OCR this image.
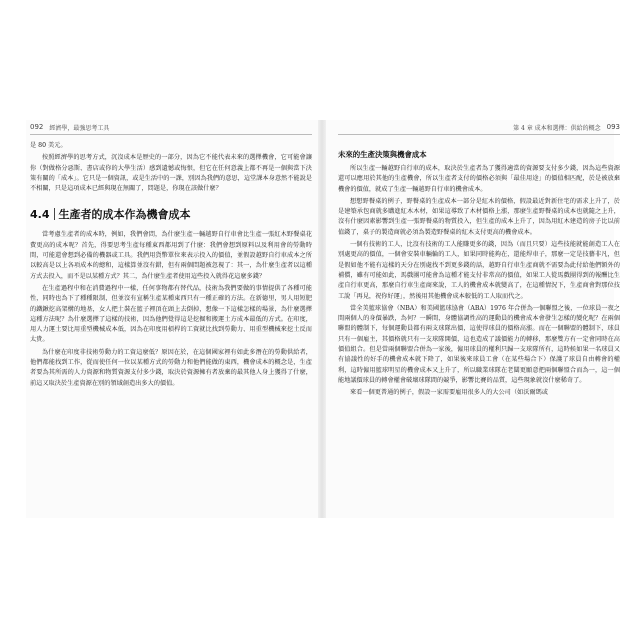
092 經濟學，最強思考工具

是 80 美元。

按照經濟學的思考方式，沉沒成本是歷史的一部分，因為它不能代表未來的選擇機會，它可能會讓你（對做格分惡斯、書店或你的大學生活）感到遺憾或悔恨，但它在任何意義上都不再是一個與當下決策有關的「成本」。它只是一個資訊，或是生活中的一課，別因為我們的意思，這堂課本身意然不能說是不相關，只是這項成本已經與現在無關了，問題是，你現在該做什麼？

4.4 生產者的成本作為機會成本

當考慮生產者的成本時，例如，我們會問，為什麼生產一輛越野自行車會比生產一張紅木野餐桌花費更高的成本呢？首先，得要思考生產每種東西都用到了什麼：我們會想到原料以及利用會的勞動時間，可能還會想到必備的機器或工具。我們用貨幣單位來表示投入的價值，並假設越野自行車成本之所以較高是以上各項成本的總和，這樣算並沒有錯，但有兩個問題被忽視了：其一，為什麼生產者以這種方式去投入，而不是以某種方式？其二，為什麼生產者使用這些投入就得花這麼多錢？

在生產過程中和在消費過程中一樣，任何事物都有替代品，技術為我們要做的事情提供了各種可能性，同時也為下了種種限制，但並沒有宣稱生產某種東西只有一種正確的方法。在新德里，男人用短肥的鐵鍬挖高架構的地基，女人把土裝在籃子裡頂在頭上去倒掉，想像一下這樣怎樣的場景，為什麼選擇這種方法呢？為什麼選擇了這樣的技術，因為他們覺得這是挖掘和搬運土方成本最低的方式。在印度，用人力運土要比用重型機械成本低，因為在印度用槓桿的工資就比找到勞動力、用重型機械來挖土反而太貴。

為什麼在印度非技術勞動力的工資這麼低？原因在於，在這個國家裡有如此多潛在的勞動供給者，他們都能找到工作，從而使任何一位以某種方式的勞動力和他們能做的東西，機會成本的概念是，生產者要為其所需的人力資源和物質資源支付多少錢，取決於資源擁有者放棄的最其他人身上獲得了什麼，前這又取決於生產資源在別的領域創造出多大的價值。

第 4 章 成本和選擇：供給的概念 093
未來的生產決策與機會成本

所以生產一輛越野自行車的成本，取決於生產者為了獲得適當的資源要支付多少錢，因為這些資源還可以應用於其他的生產機會，所以生產者支付的價格必須與「最佳用途」的價值相匹配，於是被放棄機會的價值，就成了生產一輛越野自行車的機會成本。

想想野餐桌的例子，野餐桌的生產成本一部分是紅木的價格，假設最近對新住宅的需求上升了，於是建築承包商就多購進紅木木材，如果這導致了木材價格上漲，那麼生產野餐桌的成本也就隨之上升，沒有什麼因素影響到生產一張野餐桌的物質投入，但生產的成本上升了，因為用紅木建造的房子比以前值錢了，桌子的製造商就必須為製造野餐桌的紅木支付更高的機會成本。

一個有技術的工人，比沒有技術的工人能賺更多的錢，因為（而且只要）這些技能就能創造工人在別處更高的價值，一個會安裝車輛輪的工人，如果同時能夠在，還能焊車子，那麼一定是技藝非凡，但是假如他不能有這樣的天分在別處找不到更多錢的話，越野自行車生產商就不需要為此付給他們額外的補償，雖有可能如此，馬戲團可能會為這種才能支付非常高的價值，如果工人從馬戲團得到的報酬比生產自行車更高，那麼自行車生產商來說，工人的機會成本就變高了，在這種情況下，生產商會對那位技工說「再見，祝你好運」，然後用其他機會成本較低的工人取而代之。

當全美籃球協會（NBA）和美國籃球協會（ABA）1976 年合併為一個聯盟之後，一位球員一夜之間兩個人的身價暴跌，為何？一瞬間，身體協調性高的運動員的機會成本會發生怎樣的變化呢？在兩個聯盟的體制下，每個運動員都有兩支球隊出價，這使得球員的價格高漲。而在一個聯盟的體制下，球員只有一個雇主，其價格就只有一支球隊開價，這也造成了議價能力的轉移，那麼雙方有一定會同時在高價值組合。但是當兩個聯盟合併為一家後，僱用球員的權利只歸一支球隊所有，這時候如果一名球員又有協議性的好手的機會成本就下降了，如果後來球員工會（在某些場合下）保護了球員自由轉會的權利，這時僱用籃球明星的機會成本又上升了，所以職業球隊在老闆更願意把兩個聯盟合而為一，這一個能地議價球員的轉會權會破壞球隊間的競爭，影響比賽的品質，這些現象就沒什麼稀奇了。

來看一個更普通的例子，假設一家需要雇用很多人的大公司（如沃爾瑪或
